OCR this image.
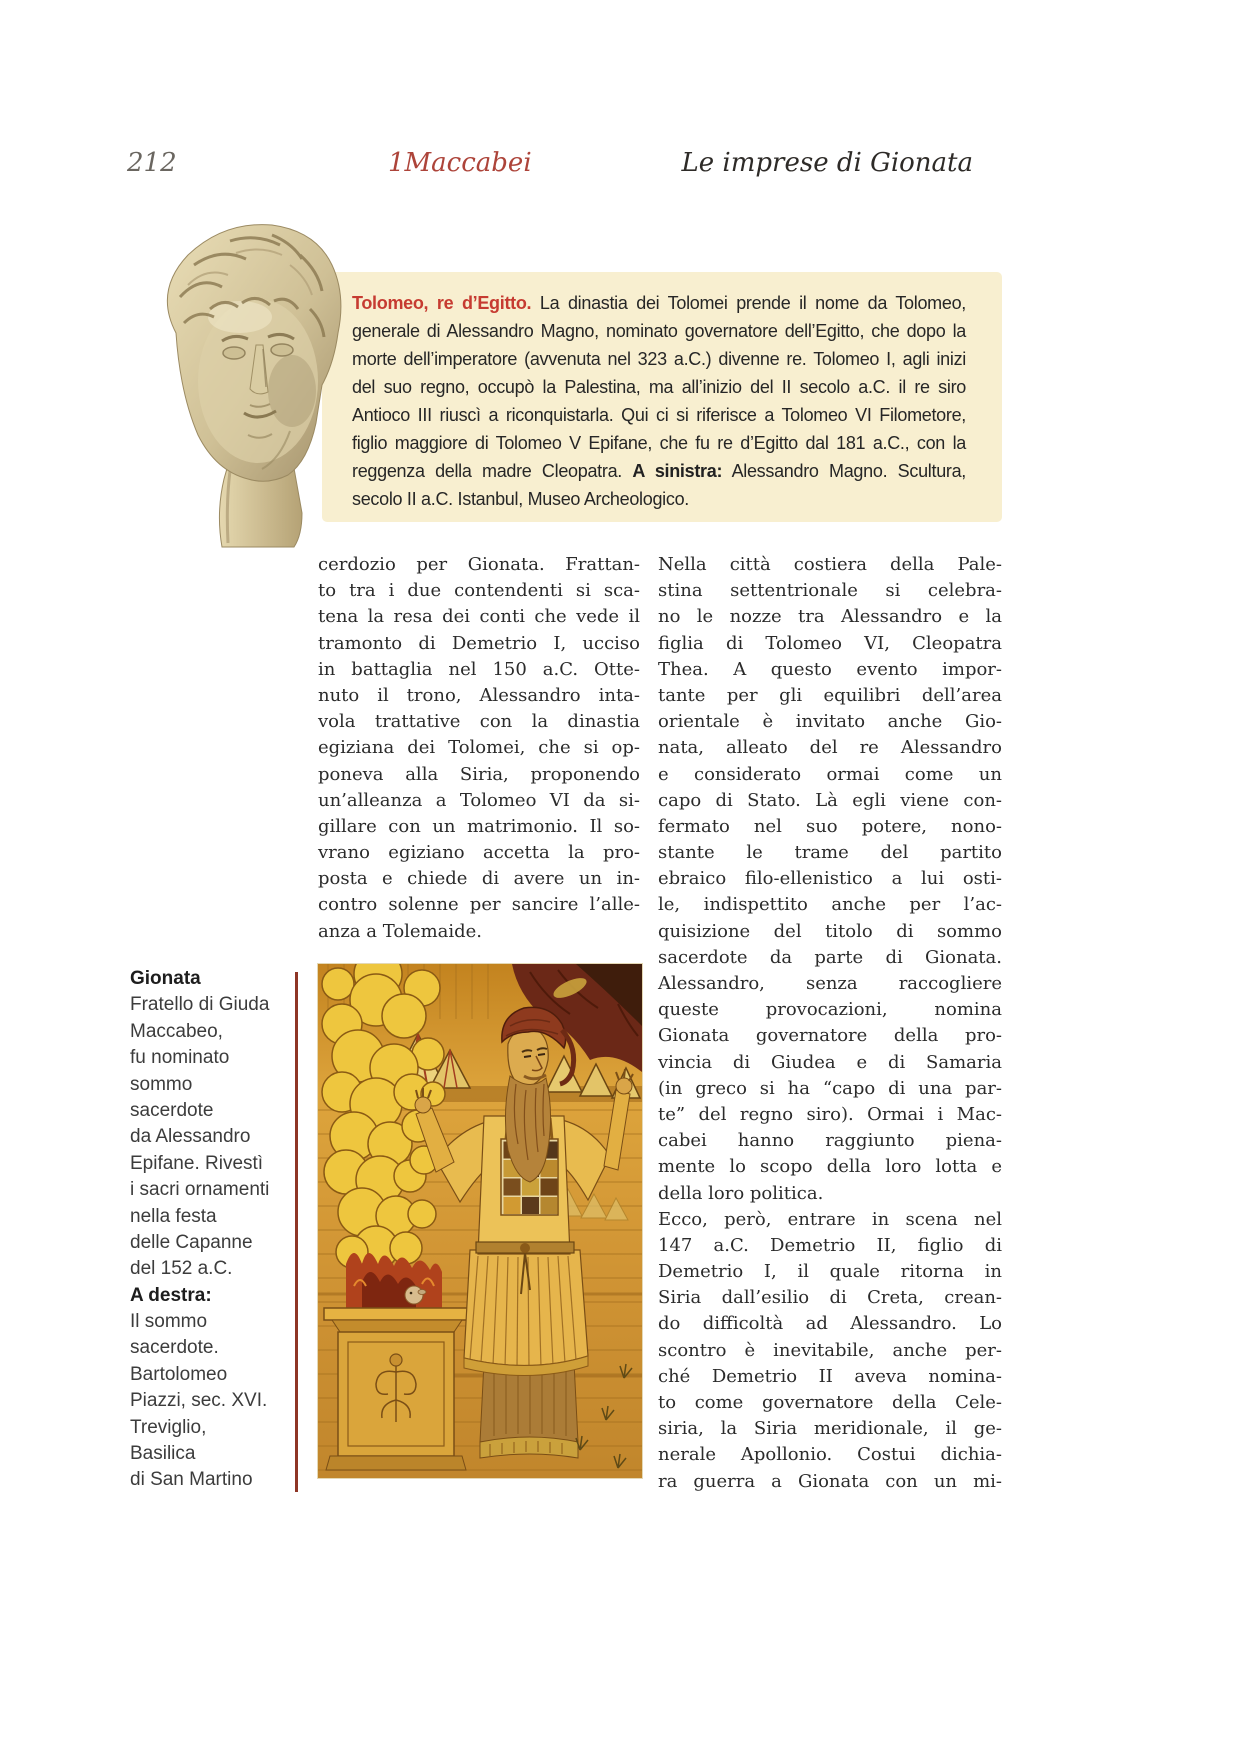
212	1Maccabei	Le imprese di Gionata
Tolomeo, re d’Egitto. La dinastia dei Tolomei prende il nome da Tolomeo, generale di Alessandro Magno, nominato governatore dell’Egitto, che dopo la morte dell’imperatore (avvenuta nel 323 a.C.) divenne re. Tolomeo I, agli inizi del suo regno, occupò la Palestina, ma all’inizio del II secolo a.C. il re siro Antioco III riuscì a riconquistarla. Qui ci si riferisce a Tolomeo VI Filometore, figlio maggiore di Tolomeo V Epifane, che fu re d’Egitto dal 181 a.C., con la reggenza della madre Cleopatra. A sinistra: Alessandro Magno. Scultura, secolo II a.C. Istanbul, Museo Archeologico.
cerdozio per Gionata. Frattan-
to tra i due contendenti si sca-
tena la resa dei conti che vede il
tramonto di Demetrio I, ucciso
in battaglia nel 150 a.C. Otte-
nuto il trono, Alessandro inta-
vola trattative con la dinastia
egiziana dei Tolomei, che si op-
poneva alla Siria, proponendo
un’alleanza a Tolomeo VI da si-
gillare con un matrimonio. Il so-
vrano egiziano accetta la pro-
posta e chiede di avere un in-
contro solenne per sancire l’alle-
anza a Tolemaide.
Nella città costiera della Pale-
stina settentrionale si celebra-
no le nozze tra Alessandro e la
figlia di Tolomeo VI, Cleopatra
Thea. A questo evento impor-
tante per gli equilibri dell’area
orientale è invitato anche Gio-
nata, alleato del re Alessandro
e considerato ormai come un
capo di Stato. Là egli viene con-
fermato nel suo potere, nono-
stante le trame del partito
ebraico filo-ellenistico a lui osti-
le, indispettito anche per l’ac-
quisizione del titolo di sommo
sacerdote da parte di Gionata.
Alessandro, senza raccogliere
queste provocazioni, nomina
Gionata governatore della pro-
vincia di Giudea e di Samaria
(in greco si ha “capo di una par-
te” del regno siro). Ormai i Mac-
cabei hanno raggiunto piena-
mente lo scopo della loro lotta e
della loro politica.
Ecco, però, entrare in scena nel
147 a.C. Demetrio II, figlio di
Demetrio I, il quale ritorna in
Siria dall’esilio di Creta, crean-
do difficoltà ad Alessandro. Lo
scontro è inevitabile, anche per-
ché Demetrio II aveva nomina-
to come governatore della Cele-
siria, la Siria meridionale, il ge-
nerale Apollonio. Costui dichia-
ra guerra a Gionata con un mi-
Gionata
Fratello di Giuda
Maccabeo,
fu nominato
sommo
sacerdote
da Alessandro
Epifane. Rivestì
i sacri ornamenti
nella festa
delle Capanne
del 152 a.C.
A destra:
Il sommo
sacerdote.
Bartolomeo
Piazzi, sec. XVI.
Treviglio,
Basilica
di San Martino
